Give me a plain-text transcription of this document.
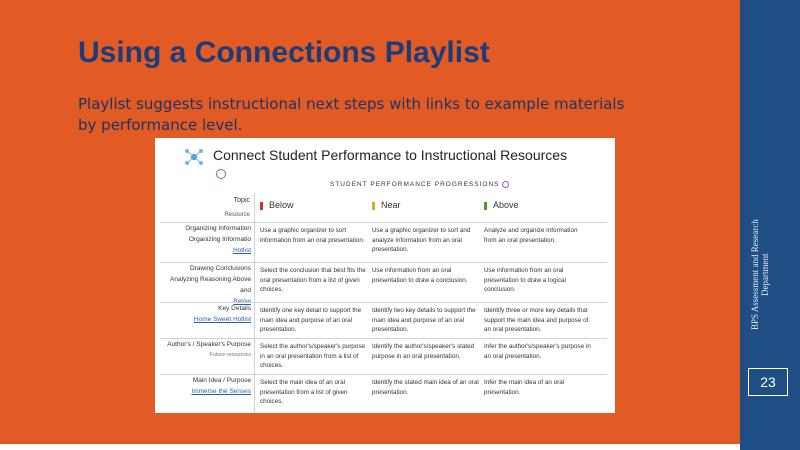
BPS Assessment and Research Department
23
Using a Connections Playlist
Playlist suggests instructional next steps with links to example materials by performance level.
Connect Student Performance to Instructional Resources
STUDENT PERFORMANCE PROGRESSIONS
Topic
Resource
Below	Near	Above
Organizing Information
Organizing Informatio
Hotlist
Use a graphic organizer to sort information from an oral presentation.
Use a graphic organizer to sort and analyze information from an oral presentation.
Analyze and organize information from an oral presentation.
Drawing Conclusions
Analyzing Reasoning Above and
Below
Select the conclusion that best fits the oral presentation from a list of given choices.
Use information from an oral presentation to draw a conclusion.
Use information from an oral presentation to draw a logical conclusion.
Key Details

Home Sweet Hotlist
Identify one key detail to support the main idea and purpose of an oral presentation.
Identify two key details to support the main idea and purpose of an oral presentation.
Identify three or more key details that support the main idea and purpose of an oral presentation.
Author's / Speaker's Purpose

Future resources
Select the author's/speaker's purpose in an oral presentation from a list of choices.
Identify the author's/speaker's stated purpose in an oral presentation.
Infer the author's/speaker's purpose in an oral presentation.
Main Idea / Purpose

Immerse the Senses
Select the main idea of an oral presentation from a list of given choices.
Identify the stated main idea of an oral presentation.
Infer the main idea of an oral presentation.
